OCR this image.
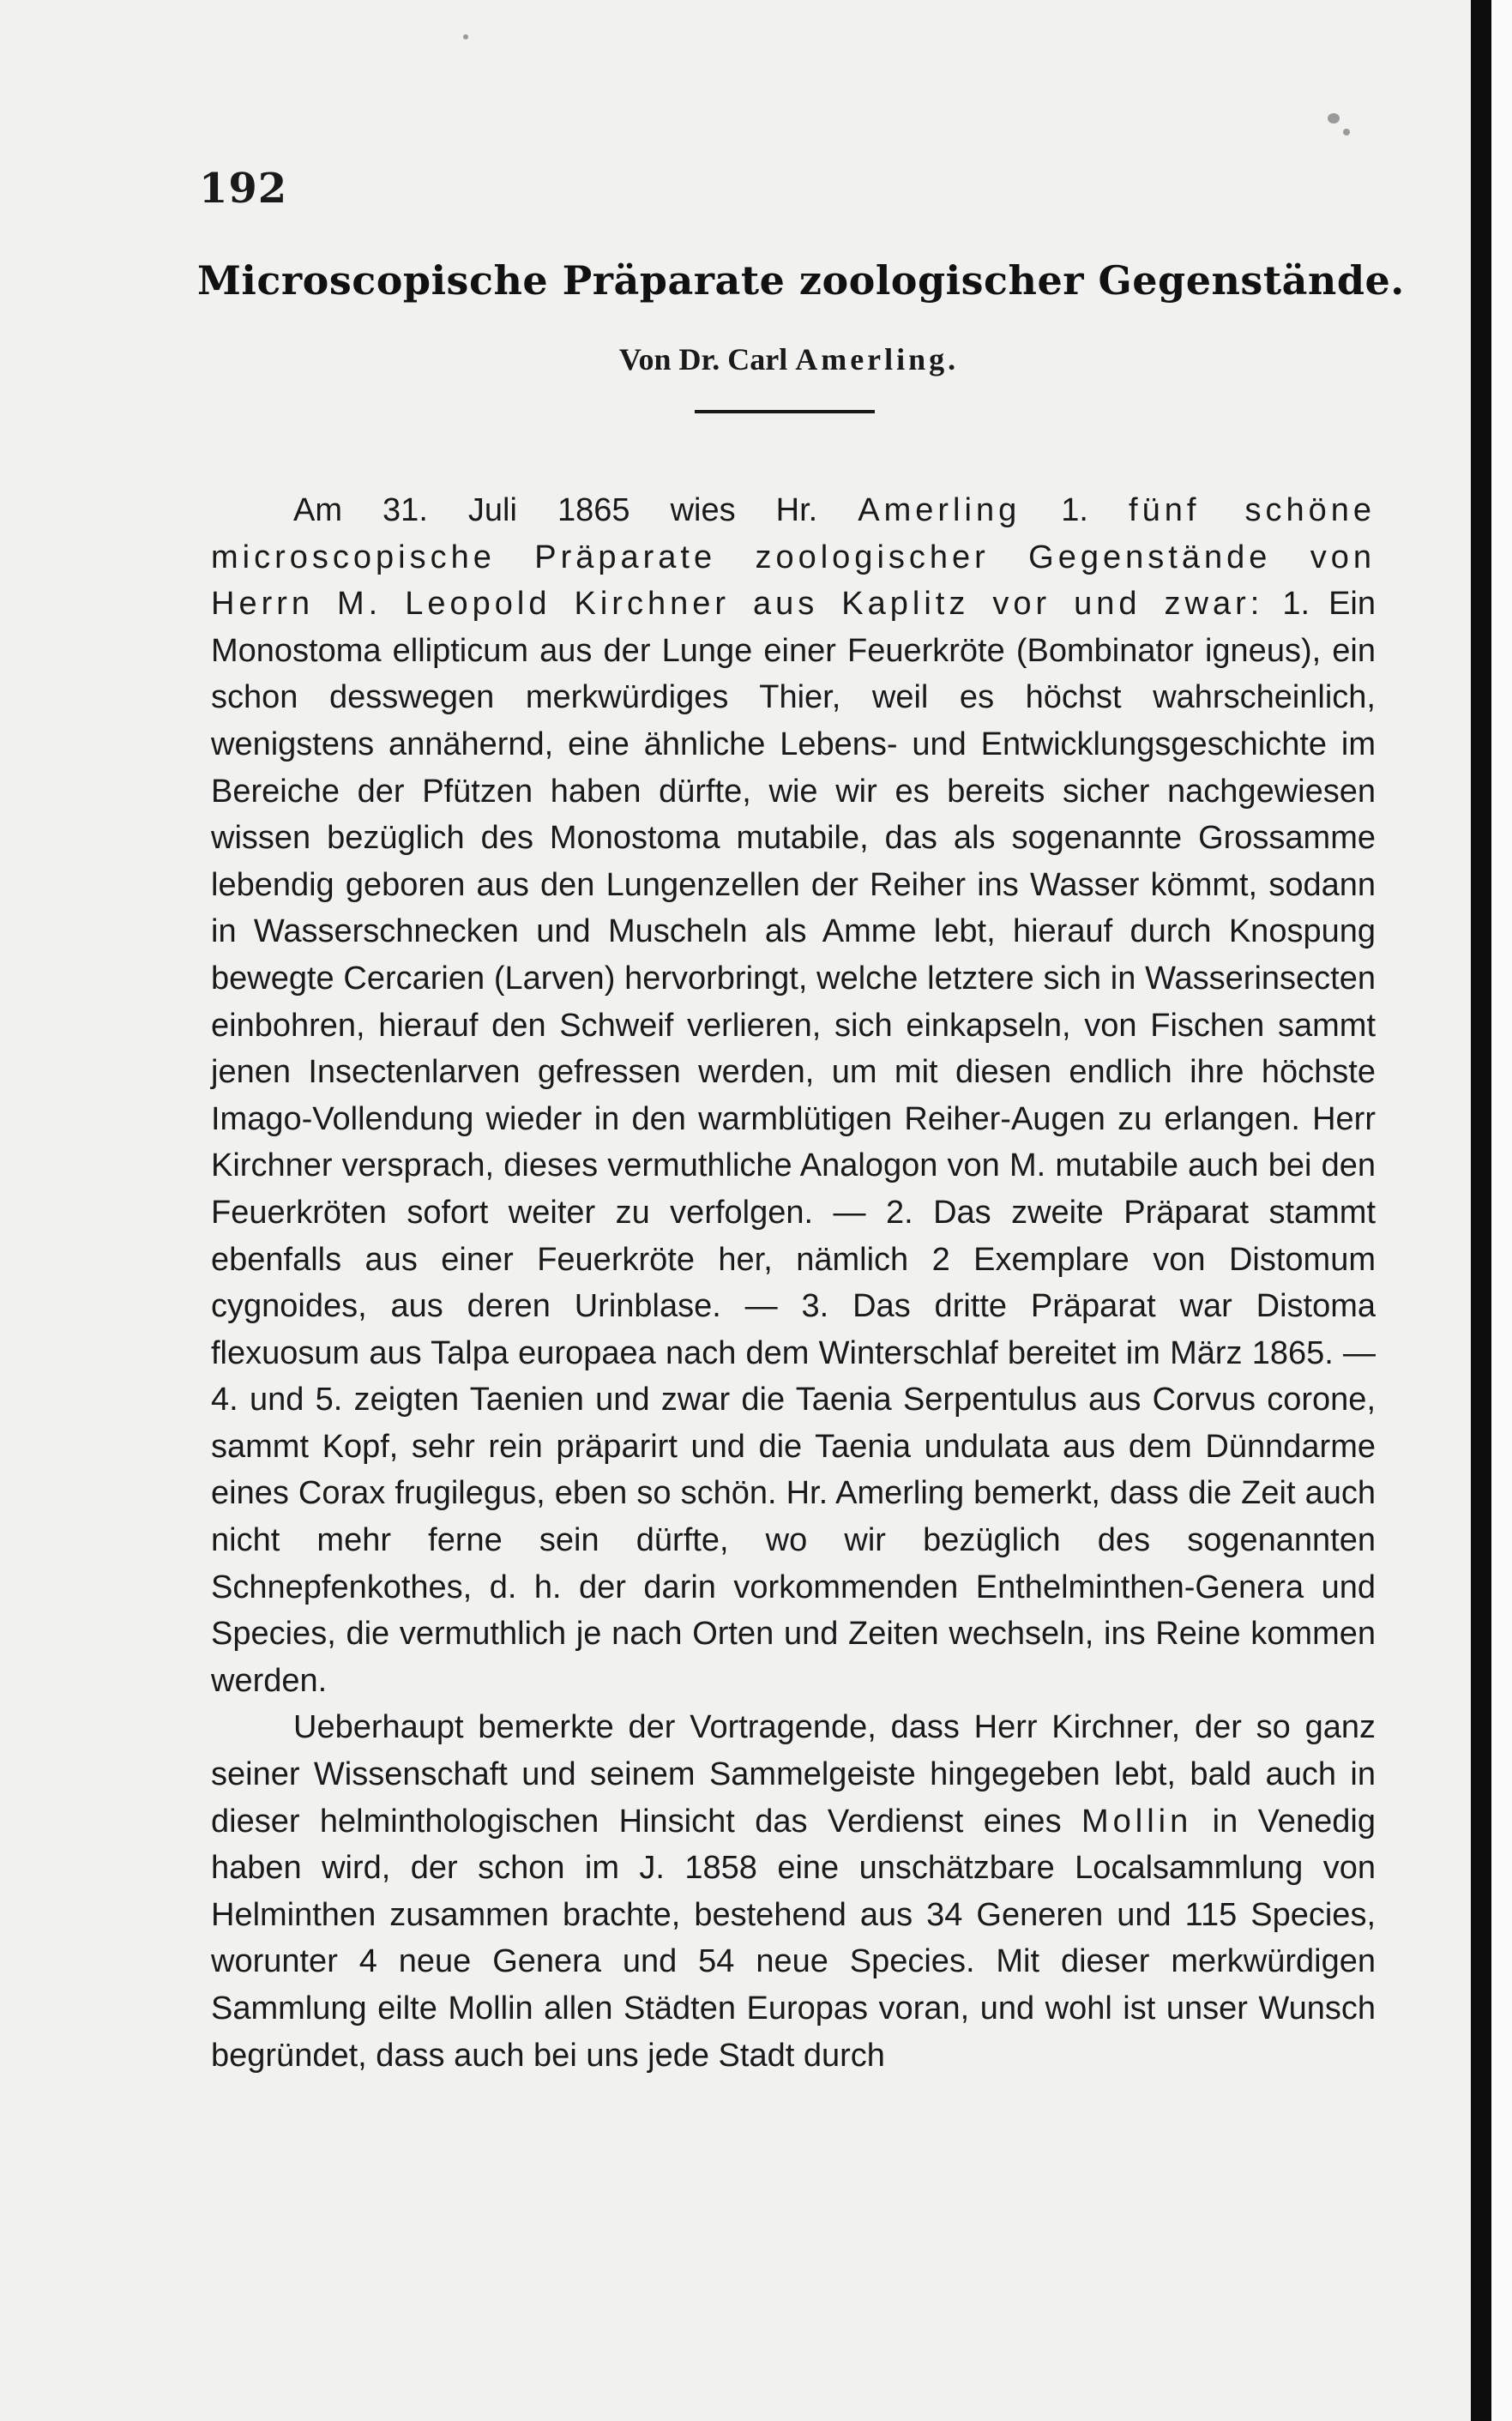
192
Microscopische Präparate zoologischer Gegenstände.
Von Dr. Carl Amerling.

Am 31. Juli 1865 wies Hr. Amerling 1. fünf schöne microscopische Präparate zoologischer Gegenstände von Herrn M. Leopold Kirchner aus Kaplitz vor und zwar: 1. Ein Monostoma ellipticum aus der Lunge einer Feuerkröte (Bombinator igneus), ein schon desswegen merkwürdiges Thier, weil es höchst wahrscheinlich, wenigstens annähernd, eine ähnliche Lebens- und Entwicklungsgeschichte im Bereiche der Pfützen haben dürfte, wie wir es bereits sicher nachgewiesen wissen bezüglich des Monostoma mutabile, das als sogenannte Grossamme lebendig geboren aus den Lungenzellen der Reiher ins Wasser kömmt, sodann in Wasserschnecken und Muscheln als Amme lebt, hierauf durch Knospung bewegte Cercarien (Larven) hervorbringt, welche letztere sich in Wasserinsecten einbohren, hierauf den Schweif verlieren, sich einkapseln, von Fischen sammt jenen Insectenlarven gefressen werden, um mit diesen endlich ihre höchste Imago-Vollendung wieder in den warmblütigen Reiher-Augen zu erlangen. Herr Kirchner versprach, dieses vermuthliche Analogon von M. mutabile auch bei den Feuerkröten sofort weiter zu verfolgen. — 2. Das zweite Präparat stammt ebenfalls aus einer Feuerkröte her, nämlich 2 Exemplare von Distomum cygnoides, aus deren Urinblase. — 3. Das dritte Präparat war Distoma flexuosum aus Talpa europaea nach dem Winterschlaf bereitet im März 1865. — 4. und 5. zeigten Taenien und zwar die Taenia Serpentulus aus Corvus corone, sammt Kopf, sehr rein präparirt und die Taenia undulata aus dem Dünndarme eines Corax frugilegus, eben so schön. Hr. Amerling bemerkt, dass die Zeit auch nicht mehr ferne sein dürfte, wo wir bezüglich des sogenannten Schnepfenkothes, d. h. der darin vorkommenden Enthelminthen-Genera und Species, die vermuthlich je nach Orten und Zeiten wechseln, ins Reine kommen werden.

Ueberhaupt bemerkte der Vortragende, dass Herr Kirchner, der so ganz seiner Wissenschaft und seinem Sammelgeiste hingegeben lebt, bald auch in dieser helminthologischen Hinsicht das Verdienst eines Mollin in Venedig haben wird, der schon im J. 1858 eine unschätzbare Localsammlung von Helminthen zusammen brachte, bestehend aus 34 Generen und 115 Species, worunter 4 neue Genera und 54 neue Species. Mit dieser merkwürdigen Sammlung eilte Mollin allen Städten Europas voran, und wohl ist unser Wunsch begründet, dass auch bei uns jede Stadt durch
